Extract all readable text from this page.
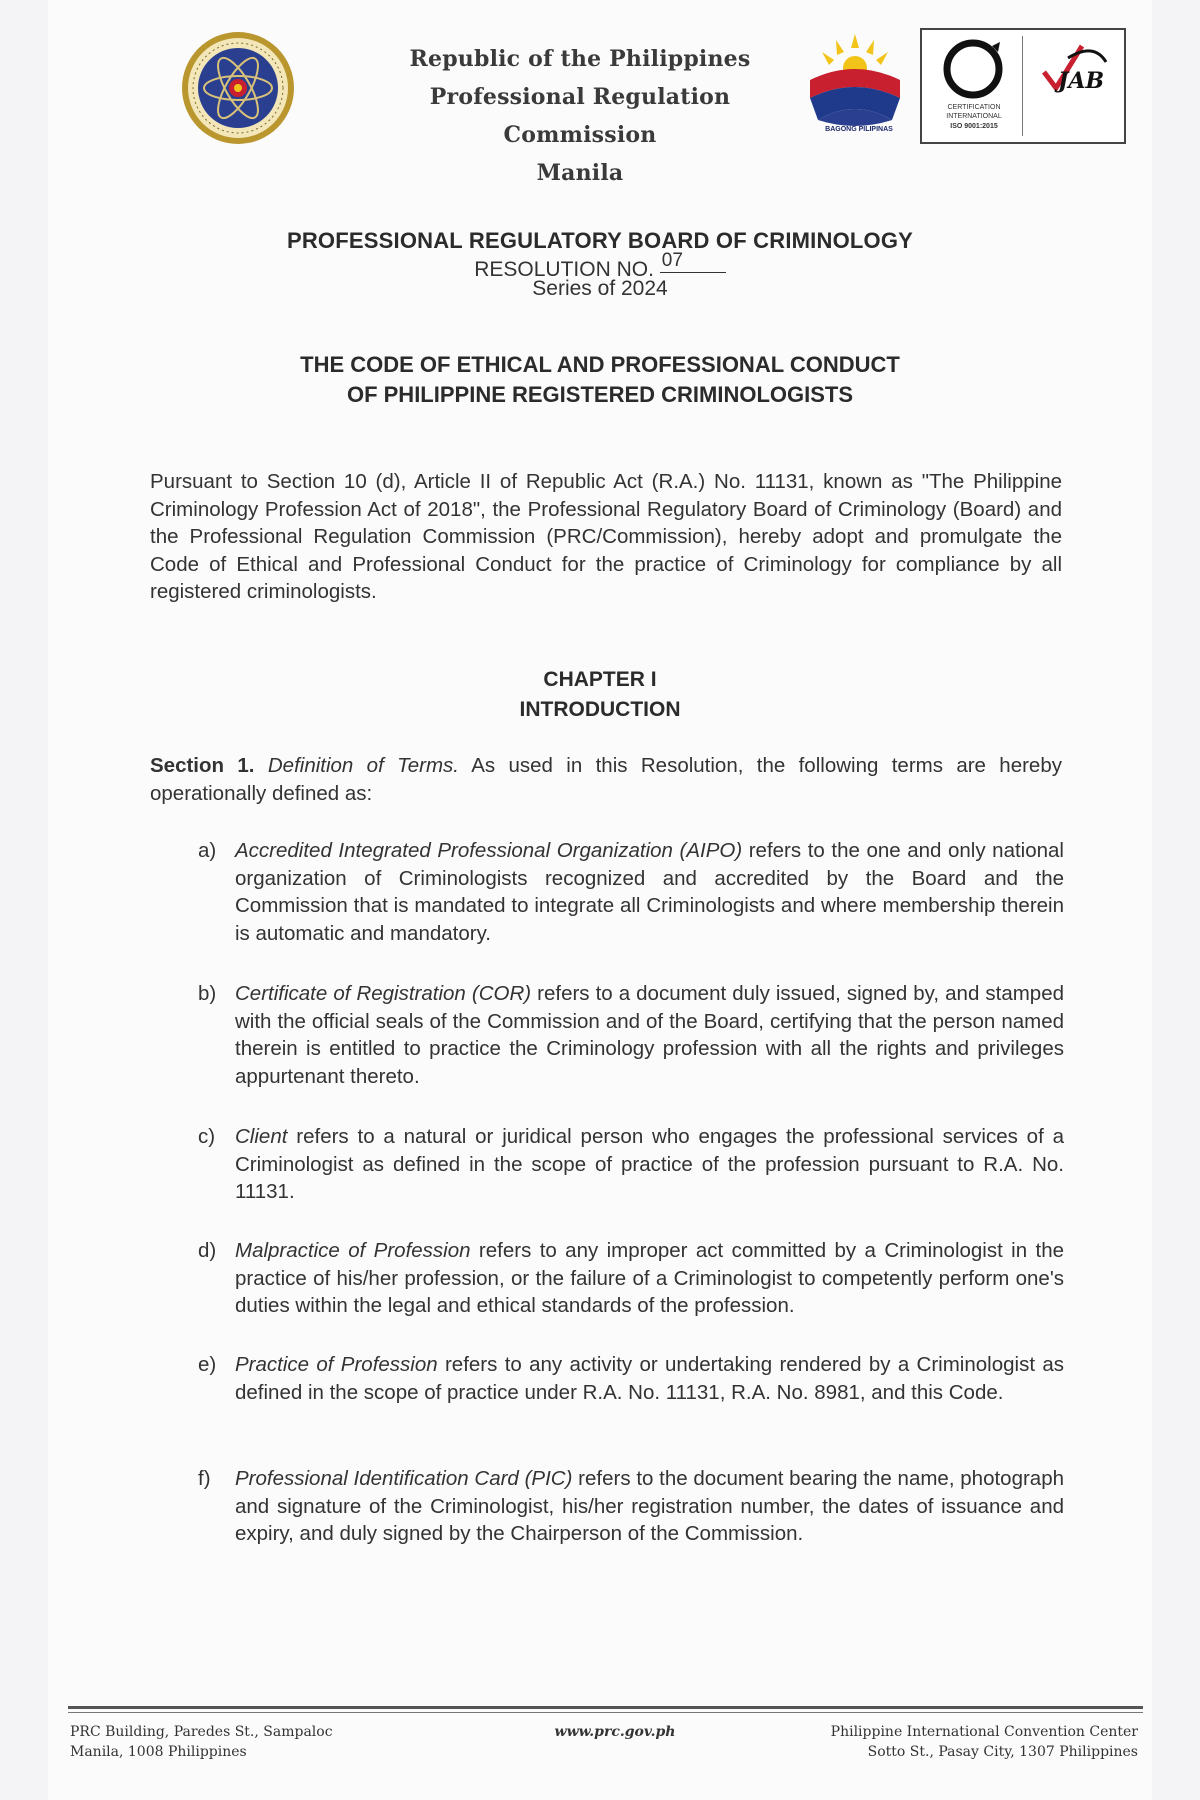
Republic of the Philippines
Professional Regulation Commission
Manila
BAGONG PILIPINAS
CERTIFICATION
INTERNATIONAL
ISO 9001:2015
JAB
PROFESSIONAL REGULATORY BOARD OF CRIMINOLOGY
RESOLUTION NO. 07
Series of 2024
THE CODE OF ETHICAL AND PROFESSIONAL CONDUCT
OF PHILIPPINE REGISTERED CRIMINOLOGISTS
Pursuant to Section 10 (d), Article II of Republic Act (R.A.) No. 11131, known as "The Philippine Criminology Profession Act of 2018", the Professional Regulatory Board of Criminology (Board) and the Professional Regulation Commission (PRC/Commission), hereby adopt and promulgate the Code of Ethical and Professional Conduct for the practice of Criminology for compliance by all registered criminologists.
CHAPTER I
INTRODUCTION
Section 1. Definition of Terms. As used in this Resolution, the following terms are hereby operationally defined as:
a) Accredited Integrated Professional Organization (AIPO) refers to the one and only national organization of Criminologists recognized and accredited by the Board and the Commission that is mandated to integrate all Criminologists and where membership therein is automatic and mandatory.
b) Certificate of Registration (COR) refers to a document duly issued, signed by, and stamped with the official seals of the Commission and of the Board, certifying that the person named therein is entitled to practice the Criminology profession with all the rights and privileges appurtenant thereto.
c) Client refers to a natural or juridical person who engages the professional services of a Criminologist as defined in the scope of practice of the profession pursuant to R.A. No. 11131.
d) Malpractice of Profession refers to any improper act committed by a Criminologist in the practice of his/her profession, or the failure of a Criminologist to competently perform one's duties within the legal and ethical standards of the profession.
e) Practice of Profession refers to any activity or undertaking rendered by a Criminologist as defined in the scope of practice under R.A. No. 11131, R.A. No. 8981, and this Code.
f)	Professional Identification Card (PIC) refers to the document bearing the name, photograph and signature of the Criminologist, his/her registration number, the dates of issuance and expiry, and duly signed by the Chairperson of the Commission.
PRC Building, Paredes St., Sampaloc
Manila, 1008 Philippines
www.prc.gov.ph	Philippine International Convention Center
Sotto St., Pasay City, 1307 Philippines
